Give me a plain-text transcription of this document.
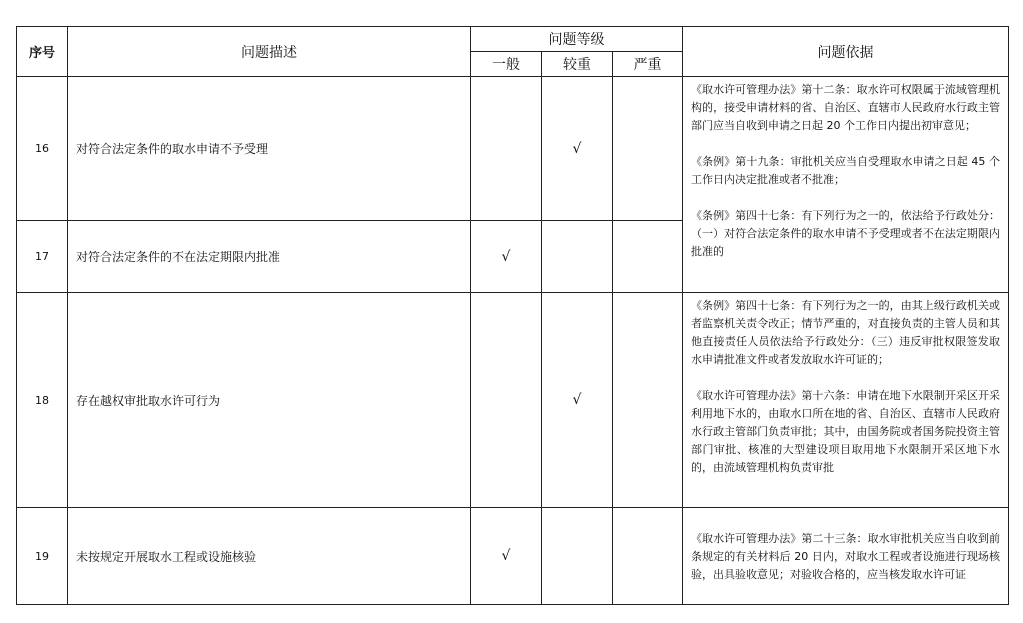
序号	问题描述	问题等级			问题依据
		一般	较重	严重	
16	对符合法定条件的取水申请不予受理		√		《取水许可管理办法》第十二条：取水许可权限属于流域管理机构的，接受申请材料的省、自治区、直辖市人民政府水行政主管部门应当自收到申请之日起 20 个工作日内提出初审意见；

《条例》第十九条：审批机关应当自受理取水申请之日起 45 个工作日内决定批准或者不批准；

《条例》第四十七条：有下列行为之一的，依法给予行政处分：（一）对符合法定条件的取水申请不予受理或者不在法定期限内批准的

17	对符合法定条件的不在法定期限内批准	√			
18	存在越权审批取水许可行为		√		《条例》第四十七条：有下列行为之一的，由其上级行政机关或者监察机关责令改正；情节严重的，对直接负责的主管人员和其他直接责任人员依法给予行政处分：（三）违反审批权限签发取水申请批准文件或者发放取水许可证的；

《取水许可管理办法》第十六条：申请在地下水限制开采区开采利用地下水的，由取水口所在地的省、自治区、直辖市人民政府水行政主管部门负责审批；其中，由国务院或者国务院投资主管部门审批、核准的大型建设项目取用地下水限制开采区地下水的，由流域管理机构负责审批

19	未按规定开展取水工程或设施核验	√			《取水许可管理办法》第二十三条：取水审批机关应当自收到前条规定的有关材料后 20 日内，对取水工程或者设施进行现场核验，出具验收意见；对验收合格的，应当核发取水许可证
